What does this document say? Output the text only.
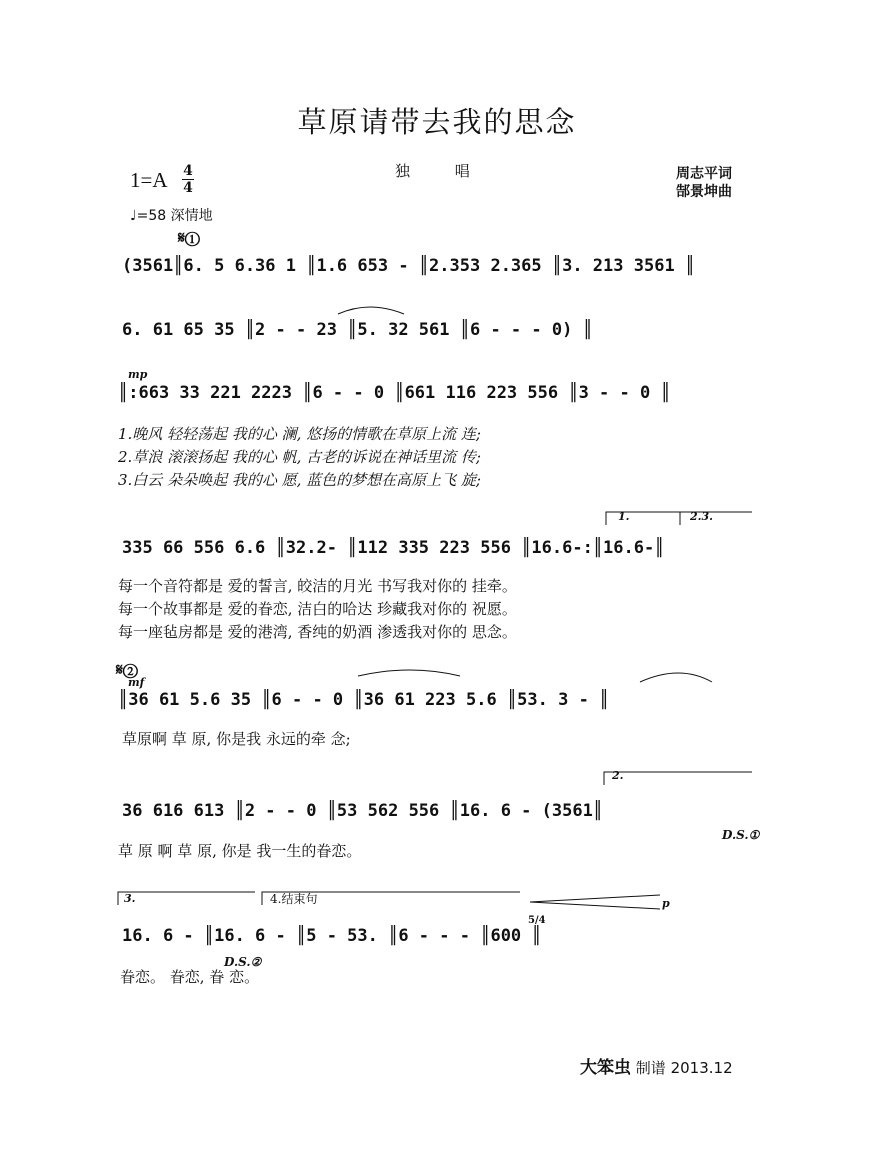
草原请带去我的思念
1=A 4
4
独 唱	周志平词
郜景坤曲
♩=58 深情地
𝄋①
(3561║6. 5 6.36 1 ║1.6 653 - ║2.353 2.365 ║3. 213 3561 ║
6. 61 65 35 ║2 - - 23 ║5. 32 561 ║6 - - - 0) ║
mp
║:663 33 221 2223 ║6 - - 0 ║661 116 223 556 ║3 - - 0 ║
1.晚风 轻轻荡起 我的心 澜, 悠扬的情歌在草原上流 连;
2.草浪 滚滚扬起 我的心 帆, 古老的诉说在神话里流 传;
3.白云 朵朵唤起 我的心 愿, 蓝色的梦想在高原上飞 旋;
1.	2.3.
335 66 556 6.6 ║32.2- ║112 335 223 556 ║16.6-:║16.6-║
每一个音符都是 爱的誓言, 皎洁的月光 书写我对你的 挂牵。
每一个故事都是 爱的眷恋, 洁白的哈达 珍藏我对你的 祝愿。
每一座毡房都是 爱的港湾, 香纯的奶酒 渗透我对你的 思念。
𝄋②
mf
║36 61 5.6 35 ║6 - - 0 ║36 61 223 5.6 ║53. 3 - ║
草原啊 草 原, 你是我 永远的牵 念;
2.
36 616 613 ║2 - - 0 ║53 562 556 ║16. 6 - (3561║
D.S.①
草 原 啊 草 原, 你是 我一生的眷恋。
3.	4.结束句	p
5/4
16. 6 - ║16. 6 - ║5 - 53. ║6 - - - ║600 ║
D.S.②
眷恋。 眷恋, 眷 恋。
大笨虫 制谱 2013.12
